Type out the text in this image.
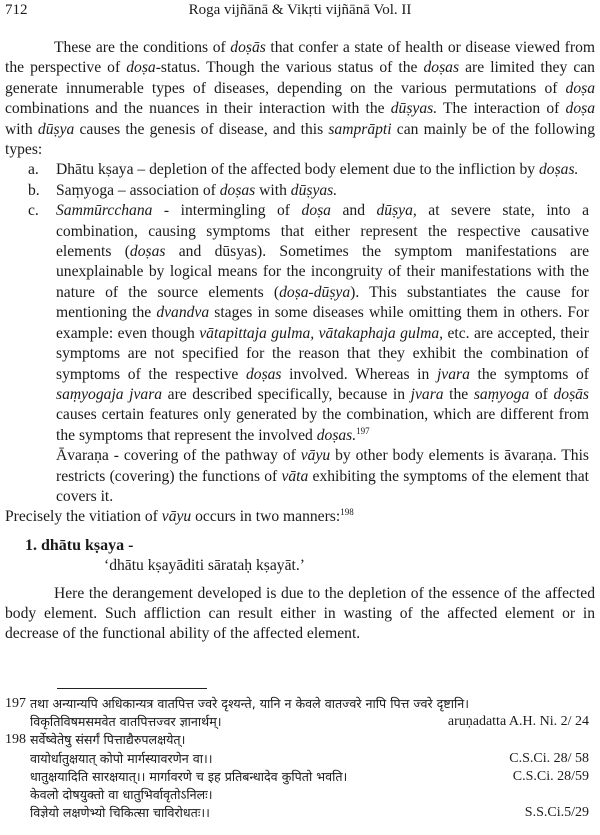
712	Roga vijñānā & Vikṛti vijñānā Vol. II

These are the conditions of doṣās that confer a state of health or disease viewed from the perspective of doṣa-status. Though the various status of the doṣas are limited they can generate innumerable types of diseases, depending on the various permutations of doṣa combinations and the nuances in their interaction with the dūṣyas. The interaction of doṣa with dūṣya causes the genesis of disease, and this samprāpti can mainly be of the following types:

a. Dhātu kṣaya – depletion of the affected body element due to the infliction by doṣas.
b. Saṃyoga – association of doṣas with dūṣyas.
c. Sammūrcchana - intermingling of doṣa and dūṣya, at severe state, into a combination, causing symptoms that either represent the respective causative elements (doṣas and dūsyas). Sometimes the symptom manifestations are unexplainable by logical means for the incongruity of their manifestations with the nature of the source elements (doṣa-dūṣya). This substantiates the cause for mentioning the dvandva stages in some diseases while omitting them in others. For example: even though vātapittaja gulma, vātakaphaja gulma, etc. are accepted, their symptoms are not specified for the reason that they exhibit the combination of symptoms of the respective doṣas involved. Whereas in jvara the symptoms of saṃyogaja jvara are described specifically, because in jvara the saṃyoga of doṣās causes certain features only generated by the combination, which are different from the symptoms that represent the involved doṣas.$^{197}$
Āvaraṇa - covering of the pathway of vāyu by other body elements is āvaraṇa. This restricts (covering) the functions of vāta exhibiting the symptoms of the element that covers it.

Precisely the vitiation of vāyu occurs in two manners:$^{198}$

1. dhātu kṣaya -
‘dhātu kṣayāditi sārataḥ kṣayāt.’

Here the derangement developed is due to the depletion of the essence of the affected body element. Such affliction can result either in wasting of the affected element or in decrease of the functional ability of the affected element.

197 तथा अन्यान्यपि अधिकान्यत्र वातपित्त ज्वरे दृश्यन्ते, यानि न केवले वातज्वरे नापि पित्त ज्वरे दृष्टानि।
विकृतिविषमसमवेत वातपित्तज्वर ज्ञानार्थम्।	aruṇadatta A.H. Ni. 2/ 24
198 सर्वेष्वेतेषु संसर्गं पित्ताद्यैरुपलक्षयेत्।
वायोर्धातुक्षयात् कोपो मार्गस्यावरणेन वा।।	C.S.Ci. 28/ 58
धातुक्षयादिति सारक्षयात्।। मार्गावरणे च इह प्रतिबन्धादेव कुपितो भवति।	C.S.Ci. 28/59
केवलो दोषयुक्तो वा धातुभिर्वावृतोऽनिलः।
विज्ञेयो लक्षणेभ्यो चिकित्सा चाविरोधतः।।	S.S.Ci.5/29
